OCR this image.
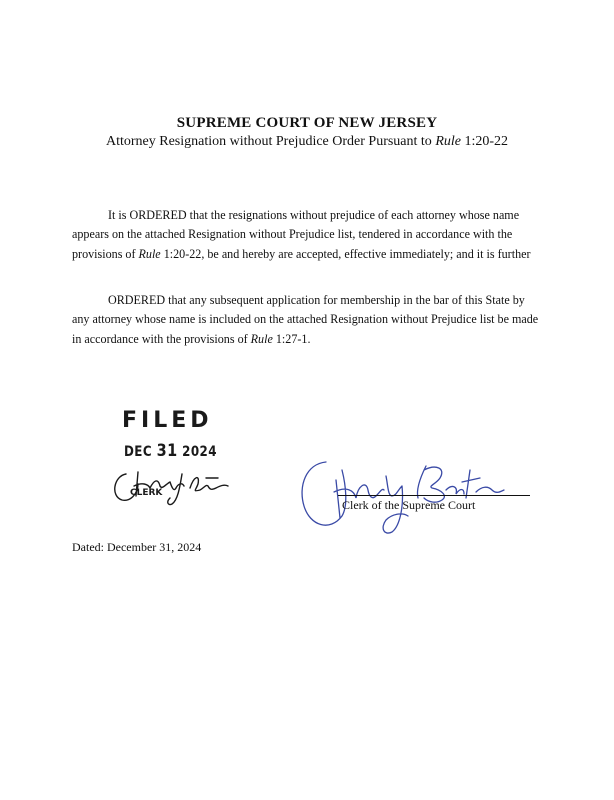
SUPREME COURT OF NEW JERSEY
Attorney Resignation without Prejudice Order Pursuant to Rule 1:20-22
It is ORDERED that the resignations without prejudice of each attorney whose name
appears on the attached Resignation without Prejudice list, tendered in accordance with the
provisions of Rule 1:20-22, be and hereby are accepted, effective immediately; and it is further
ORDERED that any subsequent application for membership in the bar of this State by
any attorney whose name is included on the attached Resignation without Prejudice list be made
in accordance with the provisions of Rule 1:27-1.
FILED
DEC 31 2024
CLERK
Clerk of the Supreme Court
Dated: December 31, 2024
